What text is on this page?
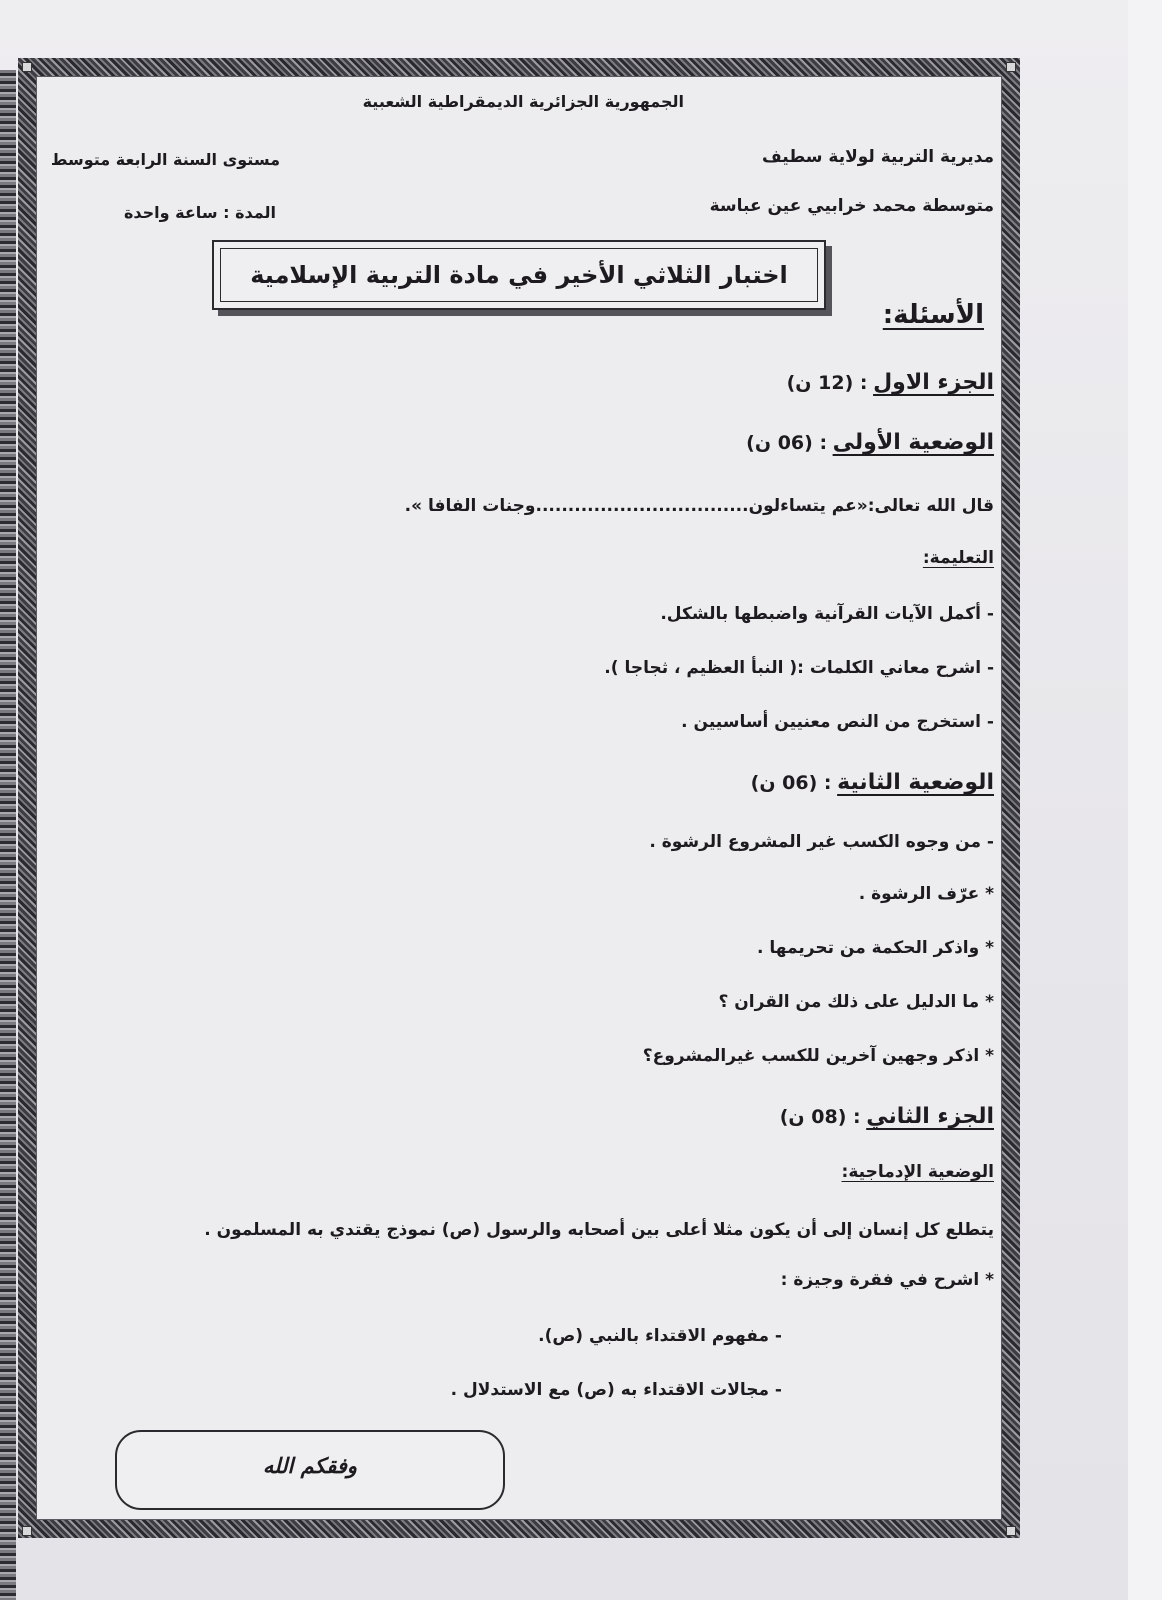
الجمهورية الجزائرية الديمقراطية الشعبية
مديرية التربية لولاية سطيف
مستوى السنة الرابعة متوسط
متوسطة محمد خرابيي عين عباسة
المدة : ساعة واحدة
اختبار الثلاثي الأخير في مادة التربية الإسلامية
الأسئلة:
الجزء الاول : (12 ن)
الوضعية الأولى : (06 ن)
قال الله تعالى:«عم يتساءلون.................................وجنات الفافا ».
التعليمة:
- أكمل الآيات القرآنية واضبطها بالشكل.
- اشرح معاني الكلمات :( النبأ العظيم ، ثجاجا ).
- استخرج من النص معنيين أساسيين .
الوضعية الثانية : (06 ن)
- من وجوه الكسب غير المشروع الرشوة .
* عرّف الرشوة .
* واذكر الحكمة من تحريمها .
* ما الدليل على ذلك من القران ؟
* اذكر وجهين آخرين للكسب غيرالمشروع؟
الجزء الثاني : (08 ن)
الوضعية الإدماجية:
يتطلع كل إنسان إلى أن يكون مثلا أعلى بين أصحابه والرسول (ص) نموذج يقتدي به المسلمون .
* اشرح في فقرة وجيزة :
- مفهوم الاقتداء بالنبي (ص).
- مجالات الاقتداء به (ص) مع الاستدلال .
وفقكم الله
